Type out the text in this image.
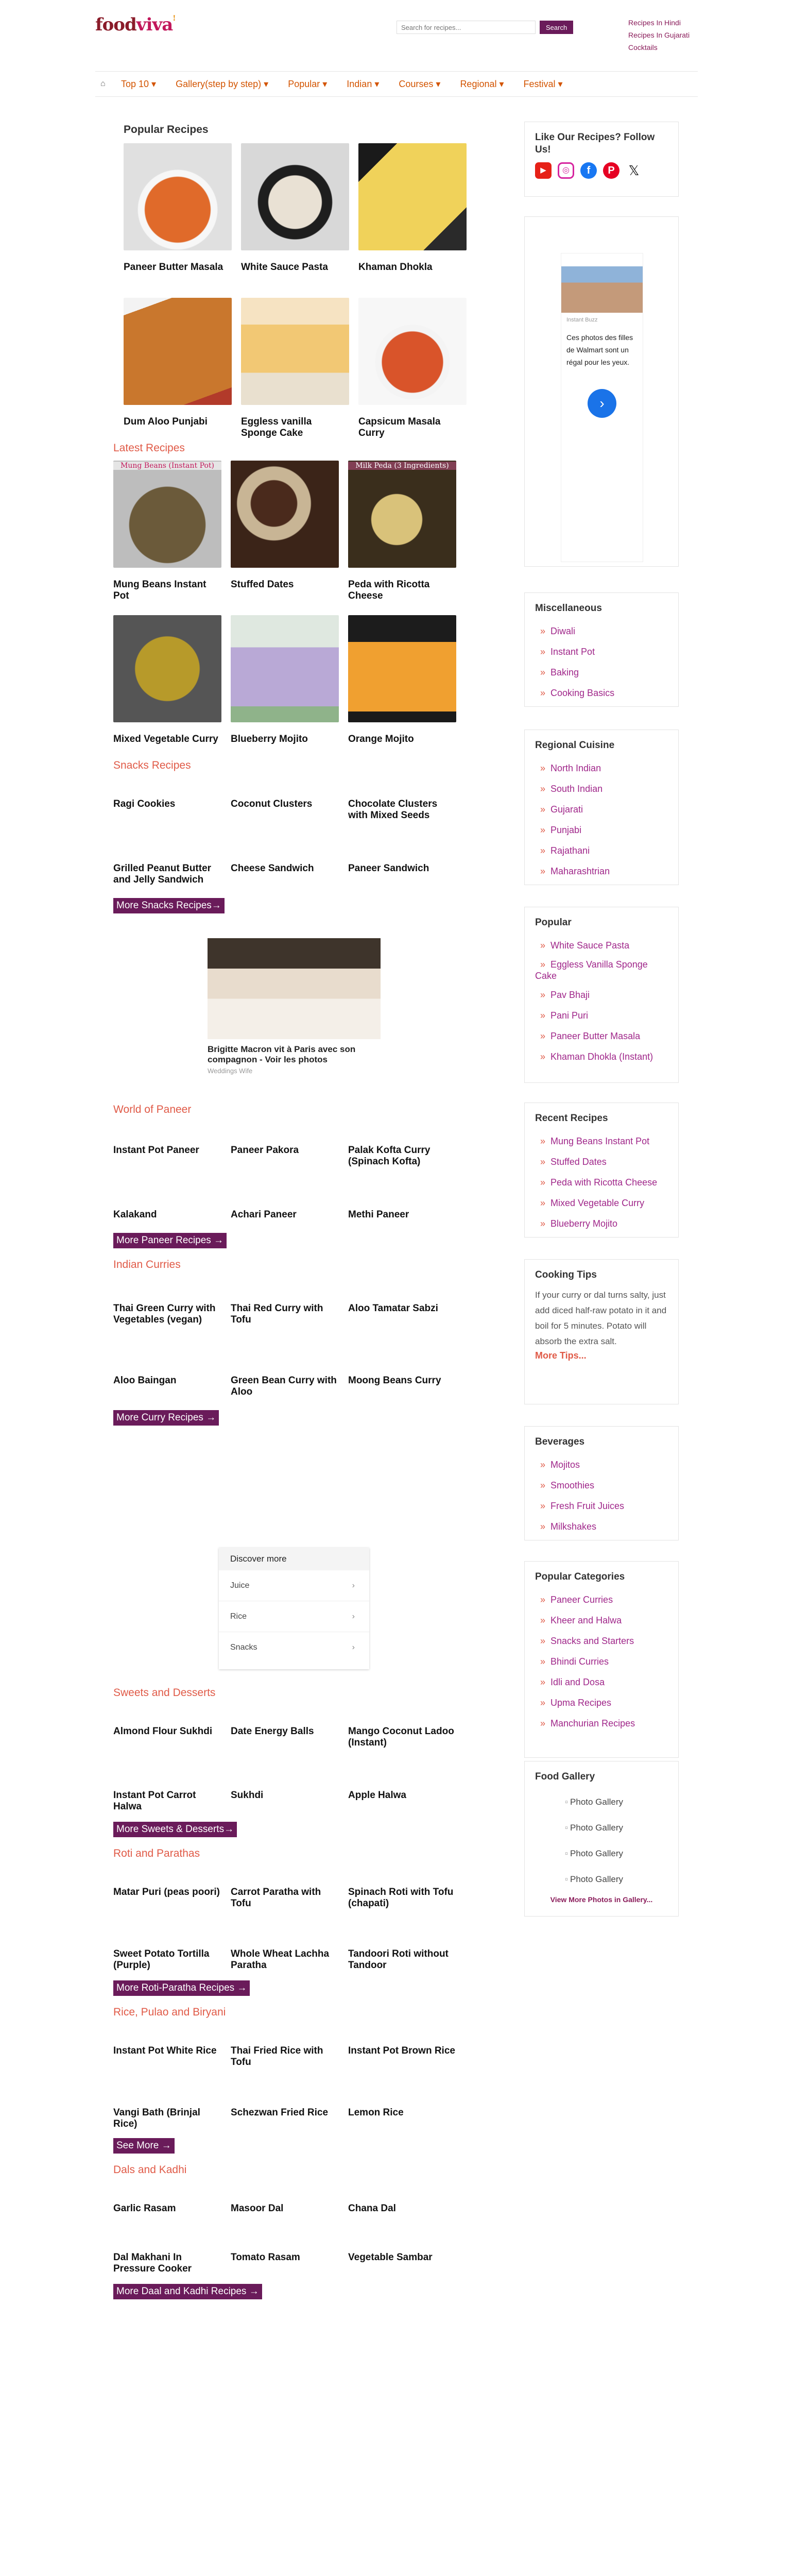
foodviva!
Search for recipes...
Search
Recipes In Hindi
Recipes In Gujarati
Cocktails
⌂	Top 10 ▾ Gallery(step by step) ▾ Popular ▾ Indian ▾ Courses ▾ Regional ▾ Festival ▾
Popular Recipes
Paneer Butter Masala	White Sauce Pasta	Khaman Dhokla
Dum Aloo Punjabi	Eggless vanilla Sponge Cake
Capsicum Masala Curry
Latest Recipes
Mung Beans (Instant Pot)
Mung Beans Instant Pot
Stuffed Dates
Milk Peda (3 Ingredients)
Peda with Ricotta Cheese
Mixed Vegetable Curry	Blueberry Mojito	Orange Mojito
Snacks Recipes
Ragi Cookies	Coconut Clusters	Chocolate Clusters with Mixed Seeds
Grilled Peanut Butter and Jelly Sandwich
Cheese Sandwich	Paneer Sandwich
More Snacks Recipes→
Brigitte Macron vit à Paris avec son compagnon - Voir les photos
Weddings Wife
World of Paneer
Instant Pot Paneer	Paneer Pakora	Palak Kofta Curry (Spinach Kofta)
Kalakand	Achari Paneer	Methi Paneer
More Paneer Recipes →
Indian Curries
Thai Green Curry with Vegetables (vegan)
Thai Red Curry with Tofu
Aloo Tamatar Sabzi
Aloo Baingan	Green Bean Curry with Aloo
Moong Beans Curry
More Curry Recipes →
Discover more
Juice	›
Rice	›
Snacks	›
Sweets and Desserts
Almond Flour Sukhdi	Date Energy Balls	Mango Coconut Ladoo (Instant)
Instant Pot Carrot Halwa
Sukhdi	Apple Halwa
More Sweets & Desserts→
Roti and Parathas
Matar Puri (peas poori) Carrot Paratha with Tofu
Spinach Roti with Tofu (chapati)
Sweet Potato Tortilla (Purple)
Whole Wheat Lachha Paratha
Tandoori Roti without Tandoor
More Roti-Paratha Recipes →
Rice, Pulao and Biryani
Instant Pot White Rice	Thai Fried Rice with Tofu
Instant Pot Brown Rice
Vangi Bath (Brinjal Rice)
Schezwan Fried Rice	Lemon Rice
See More →
Dals and Kadhi
Garlic Rasam	Masoor Dal	Chana Dal
Dal Makhani In Pressure Cooker
Tomato Rasam	Vegetable Sambar
More Daal and Kadhi Recipes →
Like Our Recipes? Follow Us!
▶	◎	f	P	𝕏
Instant Buzz
Ces photos des filles de Walmart sont un régal pour les yeux.
›
Miscellaneous
» Diwali
» Instant Pot
» Baking
» Cooking Basics
Regional Cuisine
» North Indian
» South Indian
» Gujarati
» Punjabi
» Rajathani
» Maharashtrian
Popular
» White Sauce Pasta
» Eggless Vanilla Sponge Cake
» Pav Bhaji
» Pani Puri
» Paneer Butter Masala
» Khaman Dhokla (Instant)
Recent Recipes
» Mung Beans Instant Pot
» Stuffed Dates
» Peda with Ricotta Cheese
» Mixed Vegetable Curry
» Blueberry Mojito
Cooking Tips
If your curry or dal turns salty, just add diced half-raw potato in it and boil for 5 minutes. Potato will absorb the extra salt.
More Tips...
Beverages
» Mojitos
» Smoothies
» Fresh Fruit Juices
» Milkshakes
Popular Categories
» Paneer Curries
» Kheer and Halwa
» Snacks and Starters
» Bhindi Curries
» Idli and Dosa
» Upma Recipes
» Manchurian Recipes
Food Gallery
▫ Photo Gallery
▫ Photo Gallery
▫ Photo Gallery
▫ Photo Gallery
View More Photos in Gallery...
